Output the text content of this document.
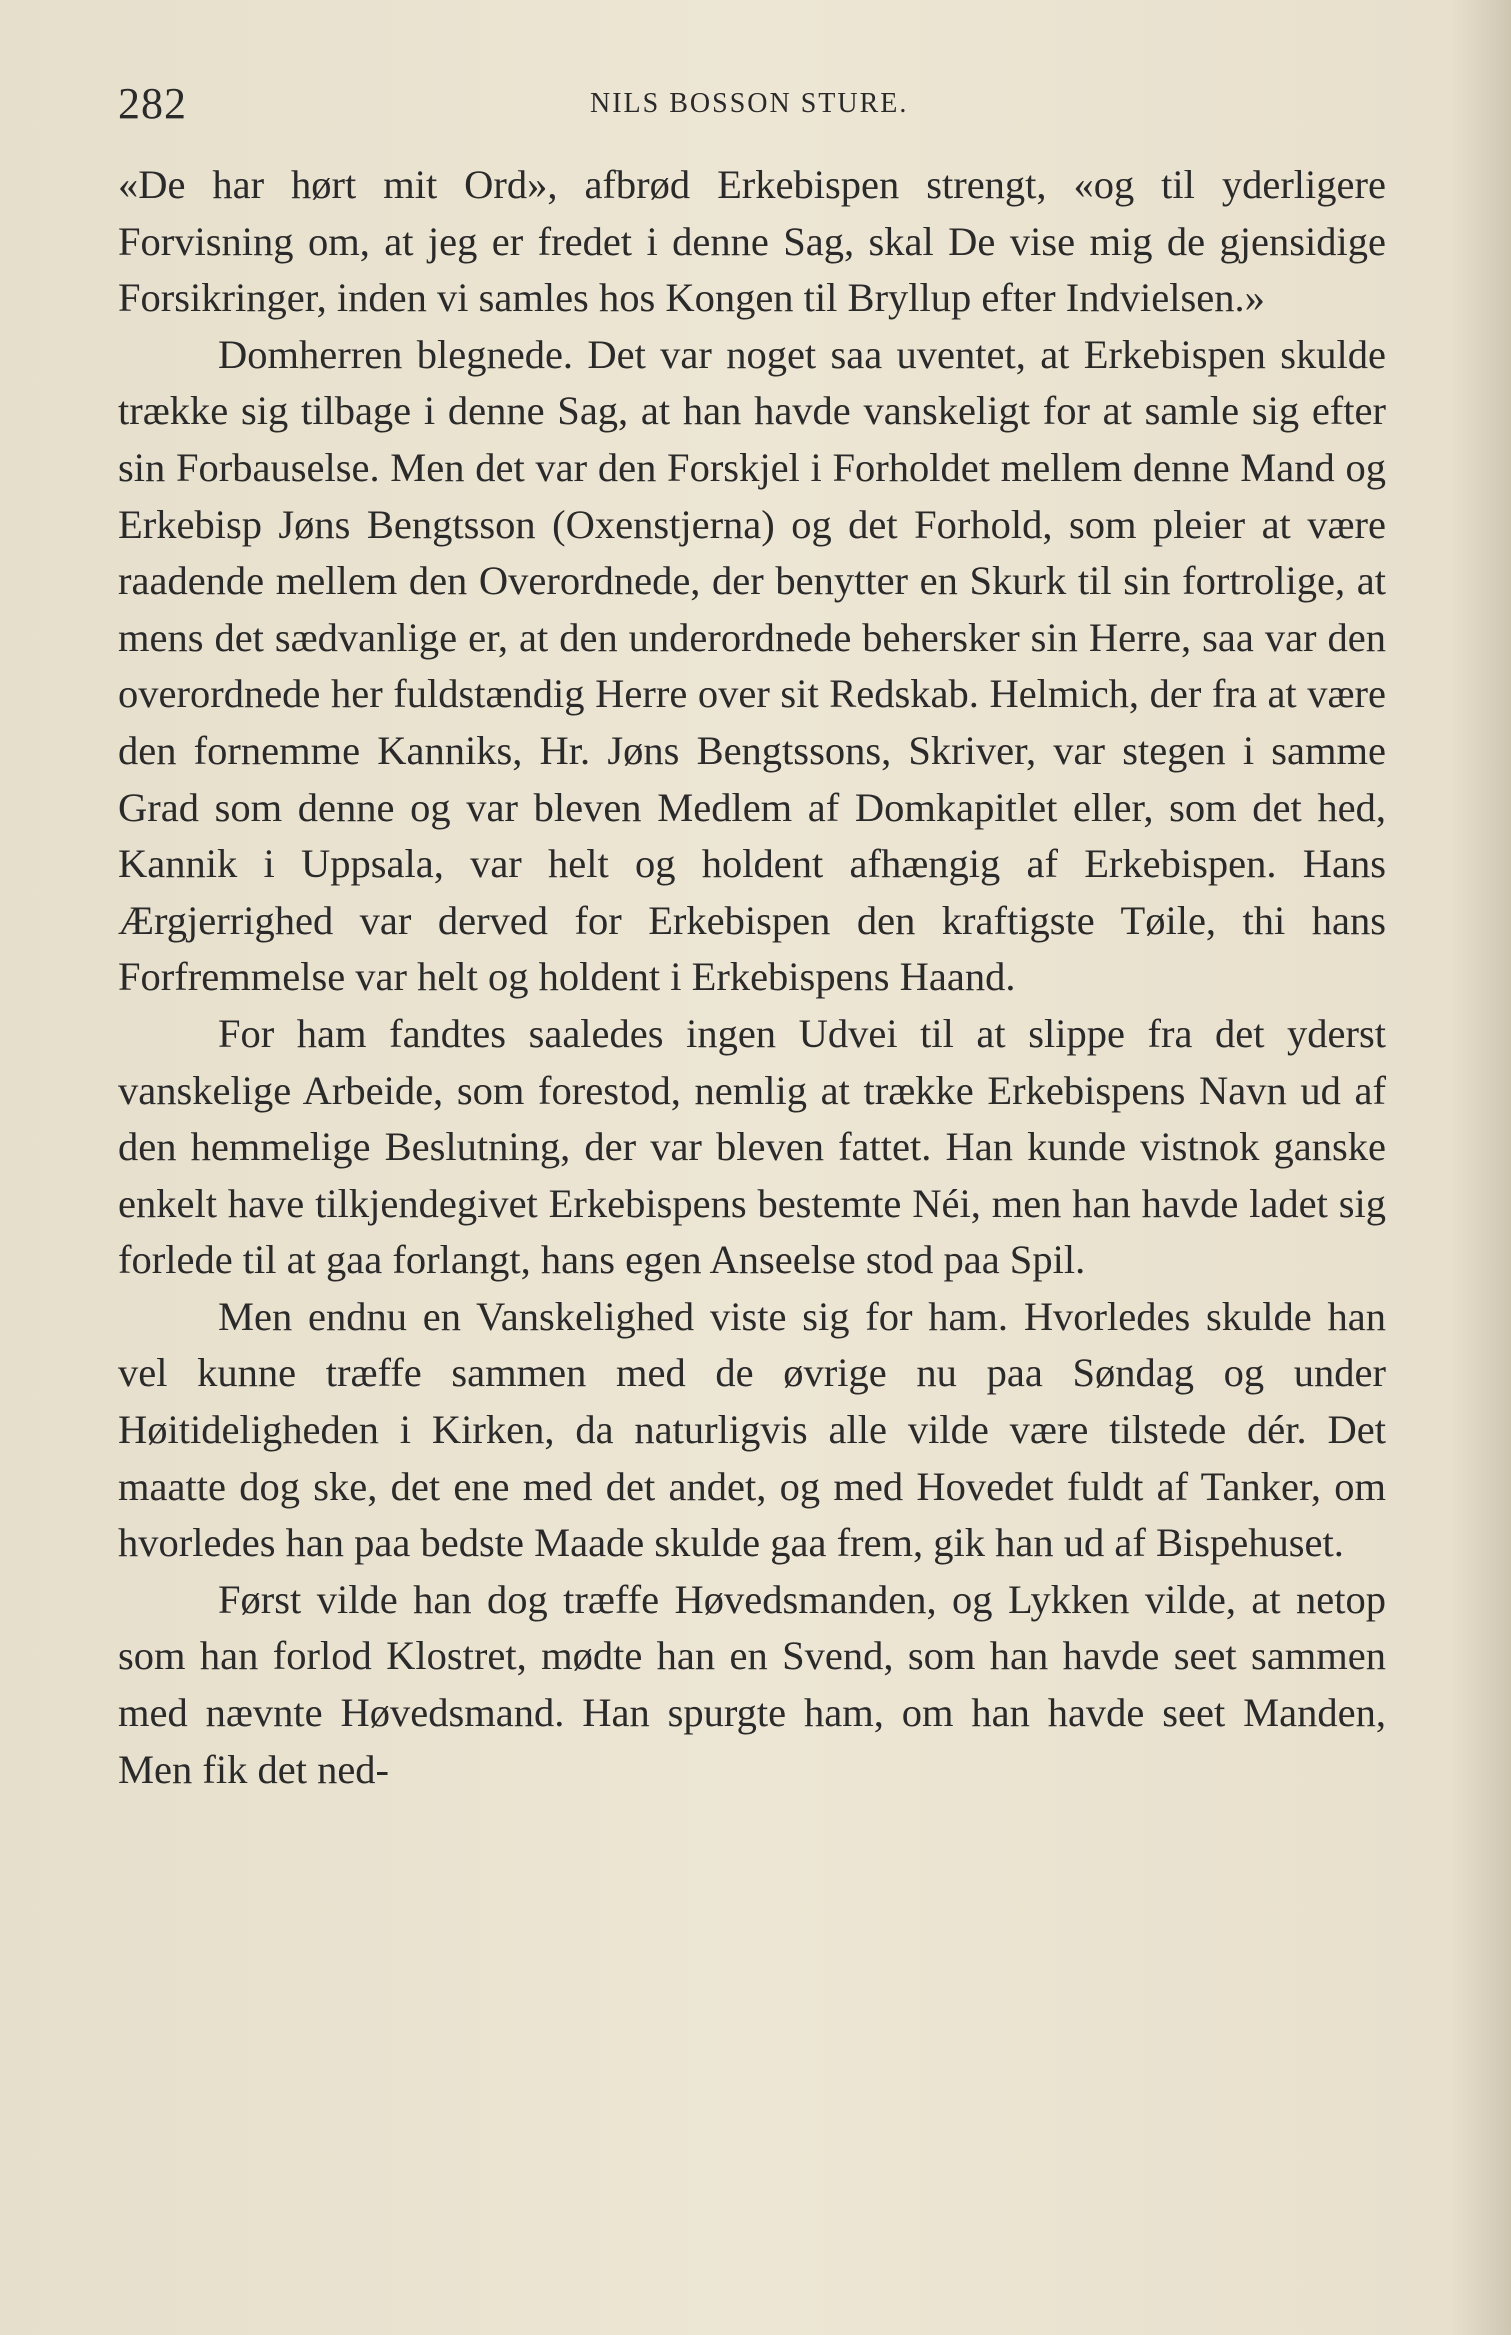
282	NILS BOSSON STURE.

«De har hørt mit Ord», afbrød Erkebispen strengt, «og til yderligere Forvisning om, at jeg er fredet i denne Sag, skal De vise mig de gjensidige Forsikringer, inden vi samles hos Kongen til Bryllup efter Indvielsen.»

Domherren blegnede. Det var noget saa uventet, at Erkebispen skulde trække sig tilbage i denne Sag, at han havde vanskeligt for at samle sig efter sin Forbauselse. Men det var den Forskjel i Forholdet mellem denne Mand og Erkebisp Jøns Bengtsson (Oxenstjerna) og det Forhold, som pleier at være raadende mellem den Overordnede, der benytter en Skurk til sin fortrolige, at mens det sædvanlige er, at den underordnede behersker sin Herre, saa var den overordnede her fuldstændig Herre over sit Redskab. Helmich, der fra at være den fornemme Kanniks, Hr. Jøns Bengtssons, Skriver, var stegen i samme Grad som denne og var bleven Medlem af Domkapitlet eller, som det hed, Kannik i Uppsala, var helt og holdent afhængig af Erkebispen. Hans Ærgjerrighed var derved for Erkebispen den kraftigste Tøile, thi hans Forfremmelse var helt og holdent i Erkebispens Haand.

For ham fandtes saaledes ingen Udvei til at slippe fra det yderst vanskelige Arbeide, som forestod, nemlig at trække Erkebispens Navn ud af den hemmelige Beslutning, der var bleven fattet. Han kunde vistnok ganske enkelt have tilkjendegivet Erkebispens bestemte Néi, men han havde ladet sig forlede til at gaa forlangt, hans egen Anseelse stod paa Spil.

Men endnu en Vanskelighed viste sig for ham. Hvorledes skulde han vel kunne træffe sammen med de øvrige nu paa Søndag og under Høitideligheden i Kirken, da naturligvis alle vilde være tilstede dér. Det maatte dog ske, det ene med det andet, og med Hovedet fuldt af Tanker, om hvorledes han paa bedste Maade skulde gaa frem, gik han ud af Bispehuset.

Først vilde han dog træffe Høvedsmanden, og Lykken vilde, at netop som han forlod Klostret, mødte han en Svend, som han havde seet sammen med nævnte Høvedsmand. Han spurgte ham, om han havde seet Manden, Men fik det ned-
